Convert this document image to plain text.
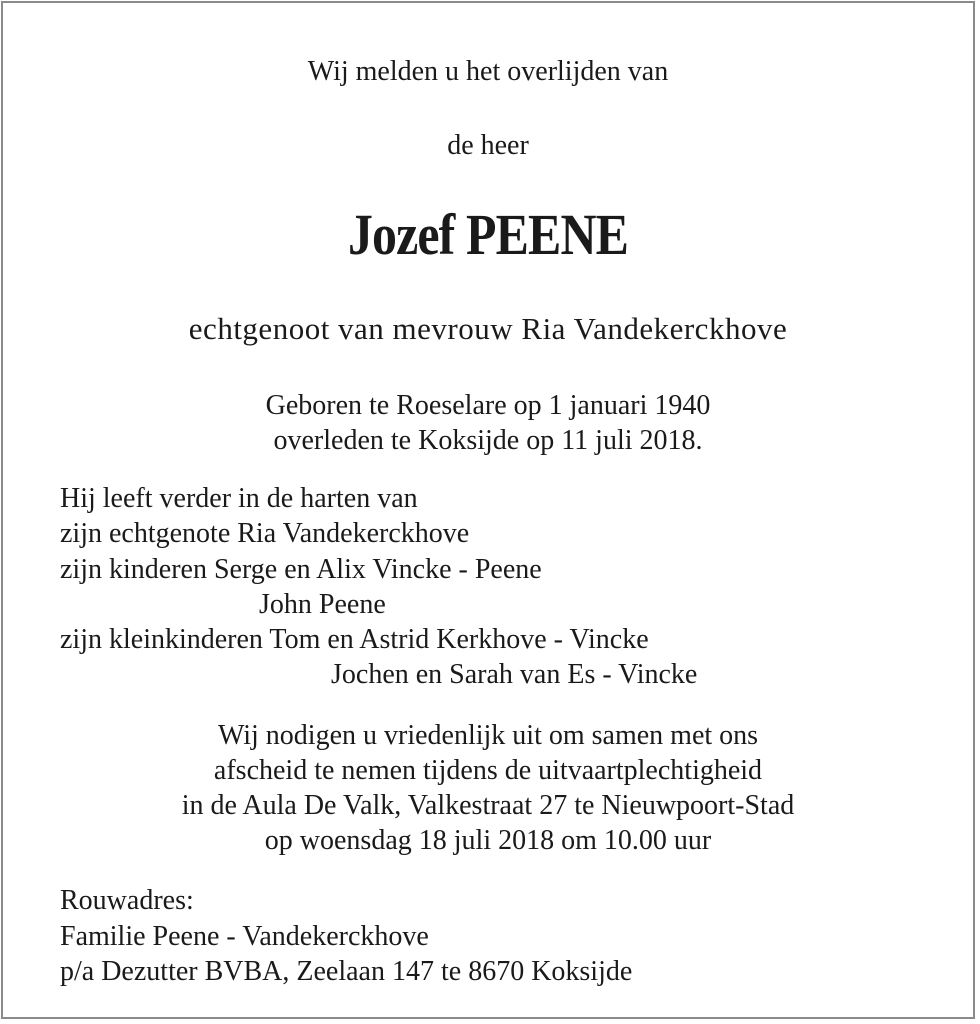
Wij melden u het overlijden van
de heer
Jozef PEENE
echtgenoot van mevrouw Ria Vandekerckhove
Geboren te Roeselare op 1 januari 1940
overleden te Koksijde op 11 juli 2018.
Hij leeft verder in de harten van
zijn echtgenote Ria Vandekerckhove
zijn kinderen Serge en Alix Vincke - Peene
John Peene
zijn kleinkinderen Tom en Astrid Kerkhove - Vincke
Jochen en Sarah van Es - Vincke
Wij nodigen u vriedenlijk uit om samen met ons
afscheid te nemen tijdens de uitvaartplechtigheid
in de Aula De Valk, Valkestraat 27 te Nieuwpoort-Stad
op woensdag 18 juli 2018 om 10.00 uur
Rouwadres:
Familie Peene - Vandekerckhove
p/a Dezutter BVBA, Zeelaan 147 te 8670 Koksijde
